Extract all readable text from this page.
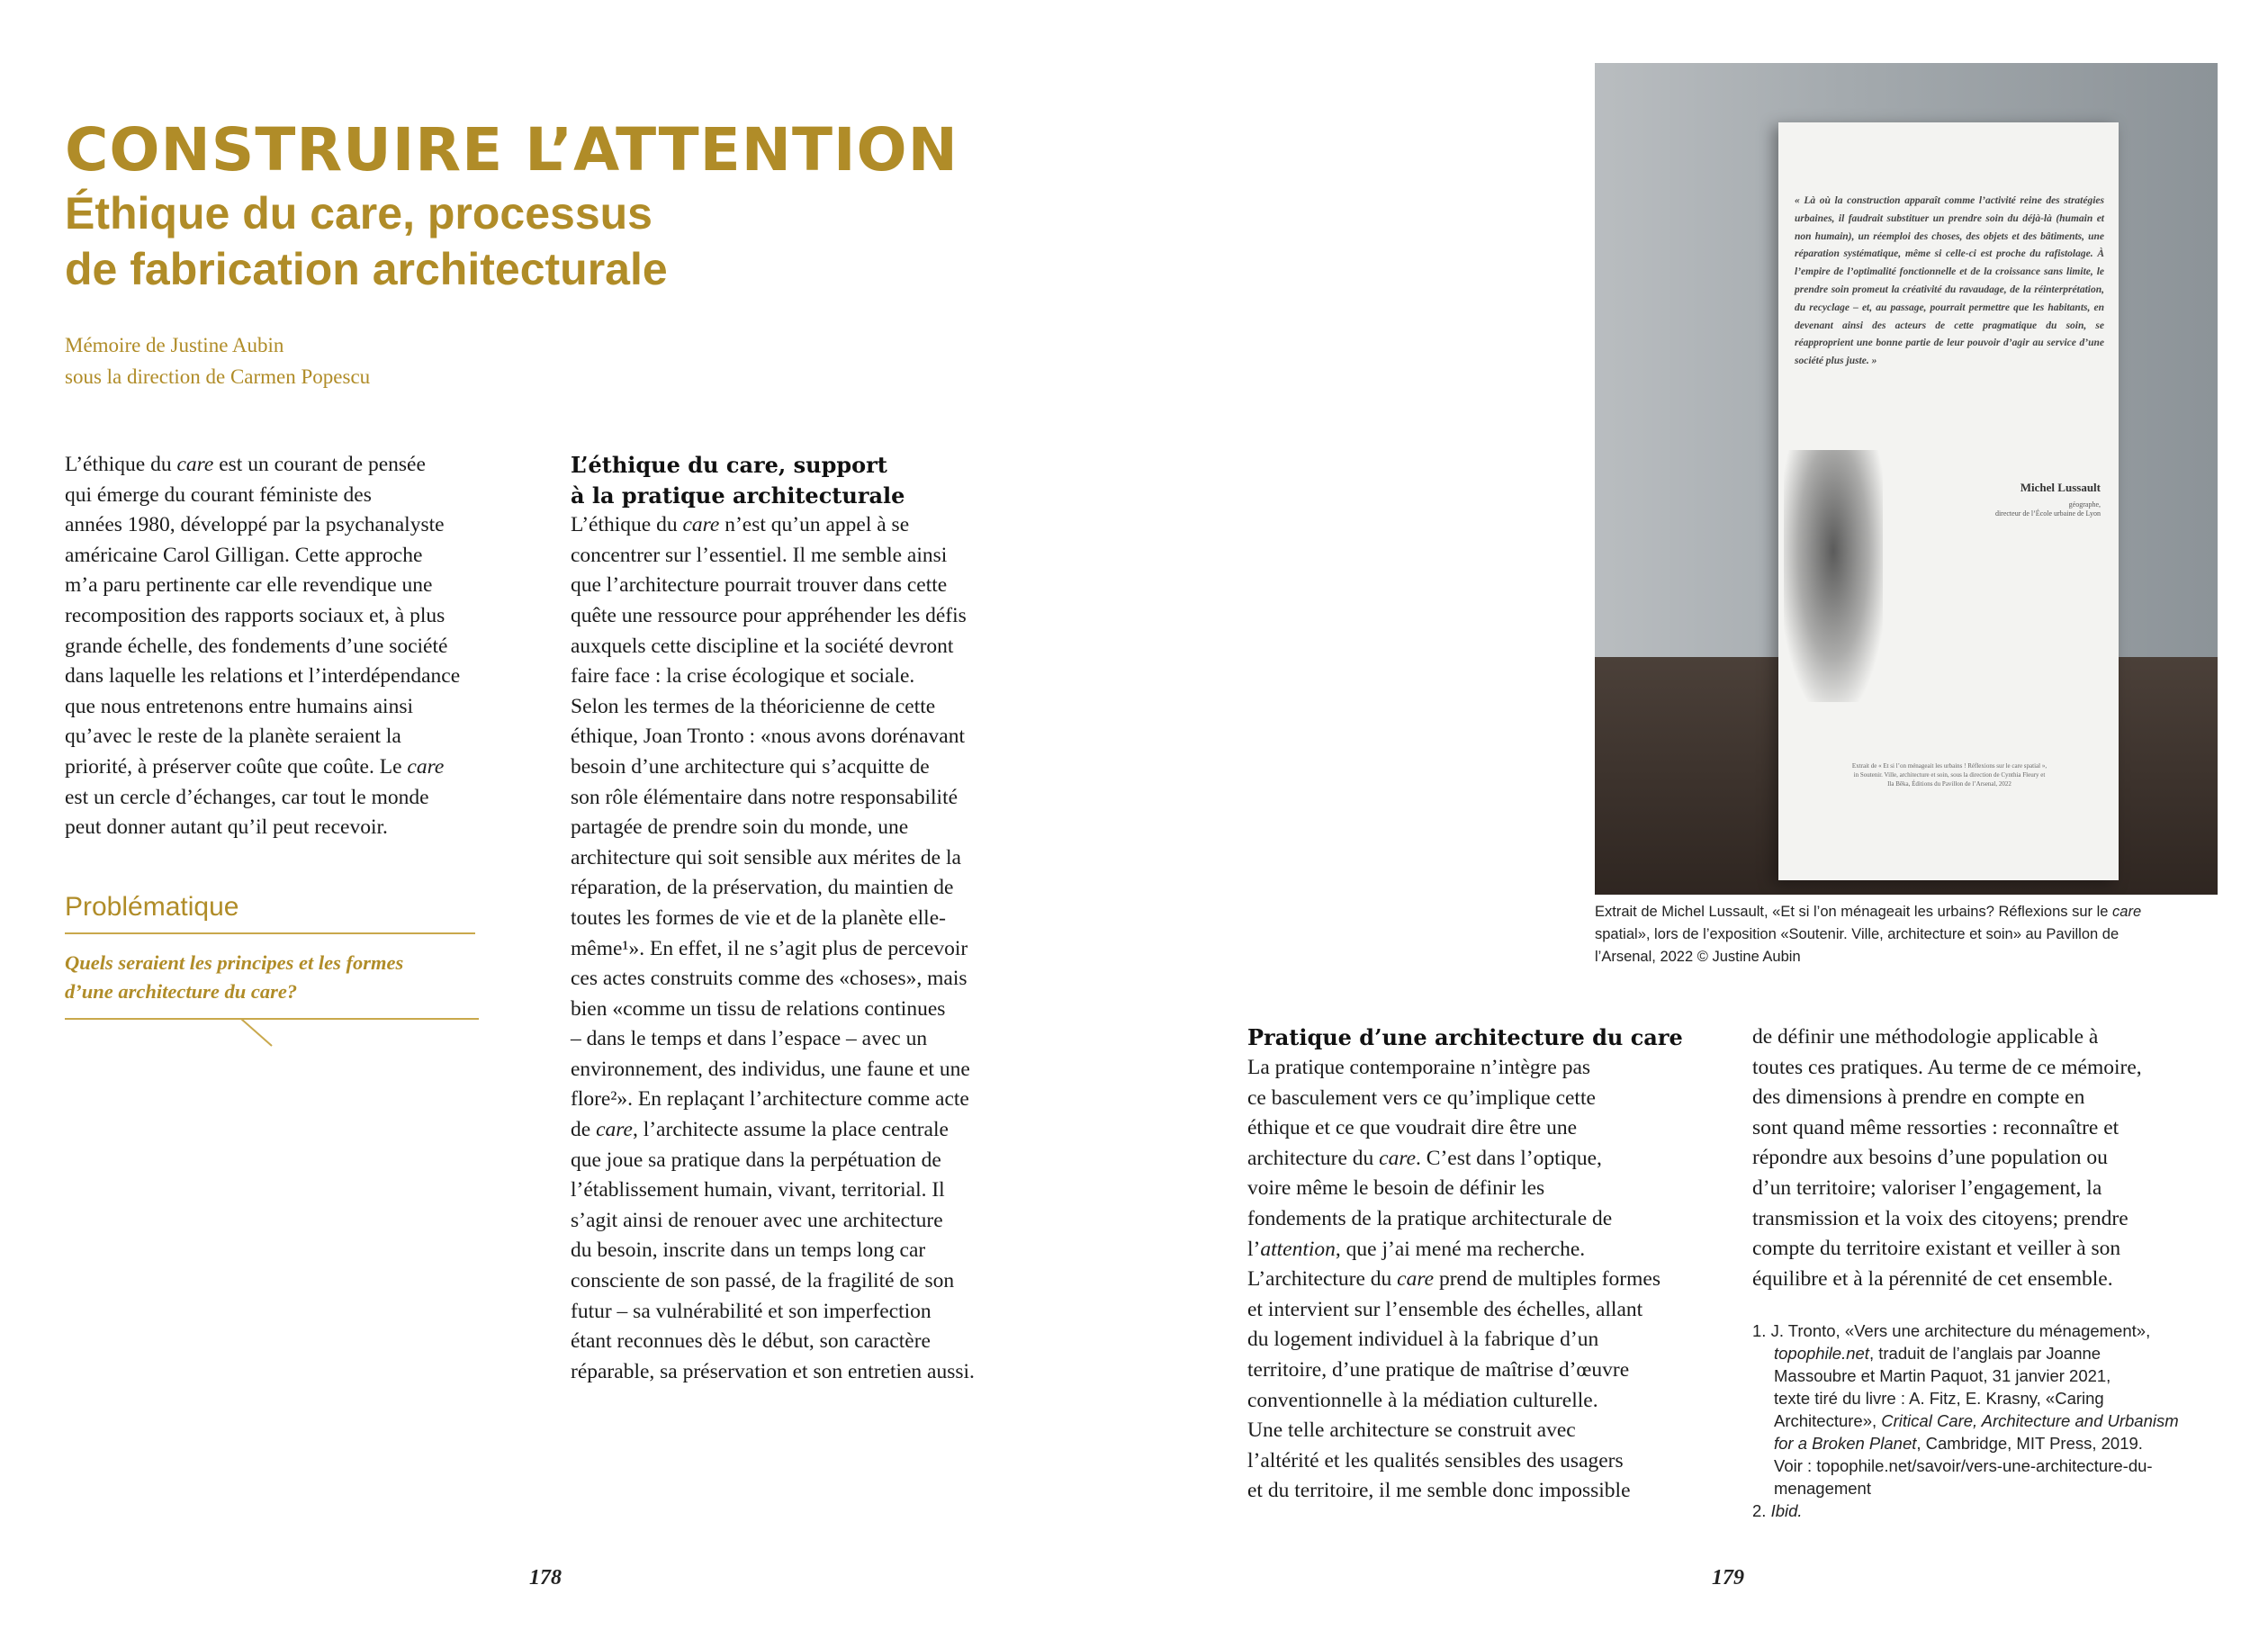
CONSTRUIRE L’ATTENTION
Éthique du care, processus
de fabrication architecturale
Mémoire de Justine Aubin
sous la direction de Carmen Popescu
L’éthique du care est un courant de pensée
qui émerge du courant féministe des
années 1980, développé par la psychanalyste
américaine Carol Gilligan. Cette approche
m’a paru pertinente car elle revendique une
recomposition des rapports sociaux et, à plus
grande échelle, des fondements d’une société
dans laquelle les relations et l’interdépendance
que nous entretenons entre humains ainsi
qu’avec le reste de la planète seraient la
priorité, à préserver coûte que coûte. Le care
est un cercle d’échanges, car tout le monde
peut donner autant qu’il peut recevoir.
Problématique
Quels seraient les principes et les formes
d’une architecture du care?
L’éthique du care, support
à la pratique architecturale
L’éthique du care n’est qu’un appel à se
concentrer sur l’essentiel. Il me semble ainsi
que l’architecture pourrait trouver dans cette
quête une ressource pour appréhender les défis
auxquels cette discipline et la société devront
faire face : la crise écologique et sociale.
Selon les termes de la théoricienne de cette
éthique, Joan Tronto : «nous avons dorénavant
besoin d’une architecture qui s’acquitte de
son rôle élémentaire dans notre responsabilité
partagée de prendre soin du monde, une
architecture qui soit sensible aux mérites de la
réparation, de la préservation, du maintien de
toutes les formes de vie et de la planète elle-
même¹». En effet, il ne s’agit plus de percevoir
ces actes construits comme des «choses», mais
bien «comme un tissu de relations continues
– dans le temps et dans l’espace – avec un
environnement, des individus, une faune et une
flore²». En replaçant l’architecture comme acte
de care, l’architecte assume la place centrale
que joue sa pratique dans la perpétuation de
l’établissement humain, vivant, territorial. Il
s’agit ainsi de renouer avec une architecture
du besoin, inscrite dans un temps long car
consciente de son passé, de la fragilité de son
futur – sa vulnérabilité et son imperfection
étant reconnues dès le début, son caractère
réparable, sa préservation et son entretien aussi.
« Là où la construction apparaît comme l’activité reine des stratégies urbaines, il faudrait substituer un prendre soin du déjà-là (humain et non humain), un réemploi des choses, des objets et des bâtiments, une réparation systématique, même si celle-ci est proche du rafistolage. À l’empire de l’optimalité fonctionnelle et de la croissance sans limite, le prendre soin promeut la créativité du ravaudage, de la réinterprétation, du recyclage – et, au passage, pourrait permettre que les habitants, en devenant ainsi des acteurs de cette pragmatique du soin, se réapproprient une bonne partie de leur pouvoir d’agir au service d’une société plus juste. »
Michel Lussault
géographe,
directeur de l’École urbaine de Lyon
Extrait de « Et si l’on ménageait les urbains ! Réflexions sur le care spatial », in Soutenir. Ville, architecture et soin, sous la direction de Cynthia Fleury et Ila Bêka, Éditions du Pavillon de l’Arsenal, 2022
Extrait de Michel Lussault, «Et si l’on ménageait les urbains? Réflexions sur le care
spatial», lors de l’exposition «Soutenir. Ville, architecture et soin» au Pavillon de
l’Arsenal, 2022 © Justine Aubin
Pratique d’une architecture du care
La pratique contemporaine n’intègre pas
ce basculement vers ce qu’implique cette
éthique et ce que voudrait dire être une
architecture du care. C’est dans l’optique,
voire même le besoin de définir les
fondements de la pratique architecturale de
l’attention, que j’ai mené ma recherche.
L’architecture du care prend de multiples formes
et intervient sur l’ensemble des échelles, allant
du logement individuel à la fabrique d’un
territoire, d’une pratique de maîtrise d’œuvre
conventionnelle à la médiation culturelle.
Une telle architecture se construit avec
l’altérité et les qualités sensibles des usagers
et du territoire, il me semble donc impossible
de définir une méthodologie applicable à
toutes ces pratiques. Au terme de ce mémoire,
des dimensions à prendre en compte en
sont quand même ressorties : reconnaître et
répondre aux besoins d’une population ou
d’un territoire; valoriser l’engagement, la
transmission et la voix des citoyens; prendre
compte du territoire existant et veiller à son
équilibre et à la pérennité de cet ensemble.
1. J. Tronto, «Vers une architecture du ménagement»,
topophile.net, traduit de l’anglais par Joanne
Massoubre et Martin Paquot, 31 janvier 2021,
texte tiré du livre : A. Fitz, E. Krasny, «Caring
Architecture», Critical Care, Architecture and Urbanism
for a Broken Planet, Cambridge, MIT Press, 2019.
Voir : topophile.net/savoir/vers-une-architecture-du-
menagement
2. Ibid.
178	179
